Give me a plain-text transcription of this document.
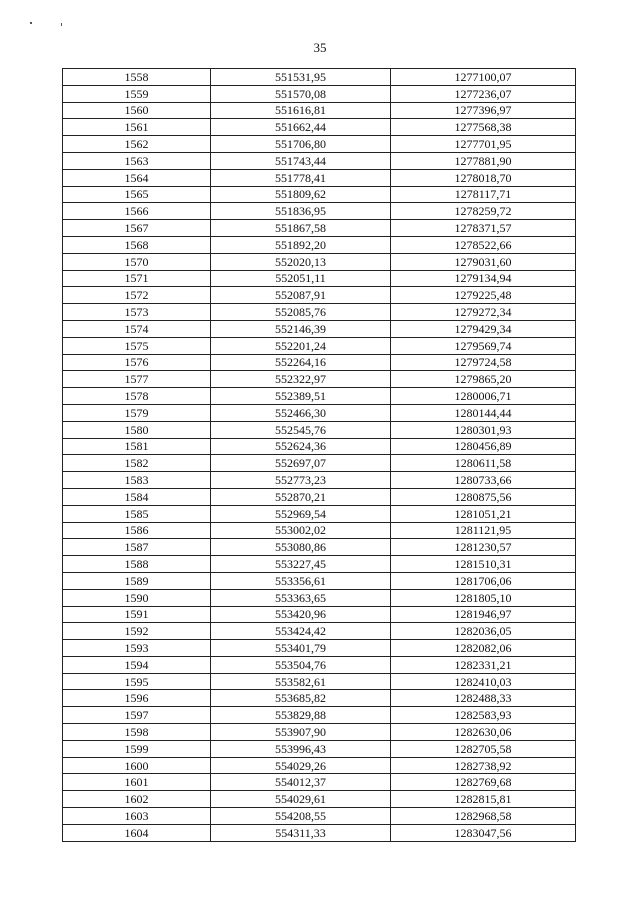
35
1558	551531,95	1277100,07
1559	551570,08	1277236,07
1560	551616,81	1277396,97
1561	551662,44	1277568,38
1562	551706,80	1277701,95
1563	551743,44	1277881,90
1564	551778,41	1278018,70
1565	551809,62	1278117,71
1566	551836,95	1278259,72
1567	551867,58	1278371,57
1568	551892,20	1278522,66
1570	552020,13	1279031,60
1571	552051,11	1279134,94
1572	552087,91	1279225,48
1573	552085,76	1279272,34
1574	552146,39	1279429,34
1575	552201,24	1279569,74
1576	552264,16	1279724,58
1577	552322,97	1279865,20
1578	552389,51	1280006,71
1579	552466,30	1280144,44
1580	552545,76	1280301,93
1581	552624,36	1280456,89
1582	552697,07	1280611,58
1583	552773,23	1280733,66
1584	552870,21	1280875,56
1585	552969,54	1281051,21
1586	553002,02	1281121,95
1587	553080,86	1281230,57
1588	553227,45	1281510,31
1589	553356,61	1281706,06
1590	553363,65	1281805,10
1591	553420,96	1281946,97
1592	553424,42	1282036,05
1593	553401,79	1282082,06
1594	553504,76	1282331,21
1595	553582,61	1282410,03
1596	553685,82	1282488,33
1597	553829,88	1282583,93
1598	553907,90	1282630,06
1599	553996,43	1282705,58
1600	554029,26	1282738,92
1601	554012,37	1282769,68
1602	554029,61	1282815,81
1603	554208,55	1282968,58
1604	554311,33	1283047,56
